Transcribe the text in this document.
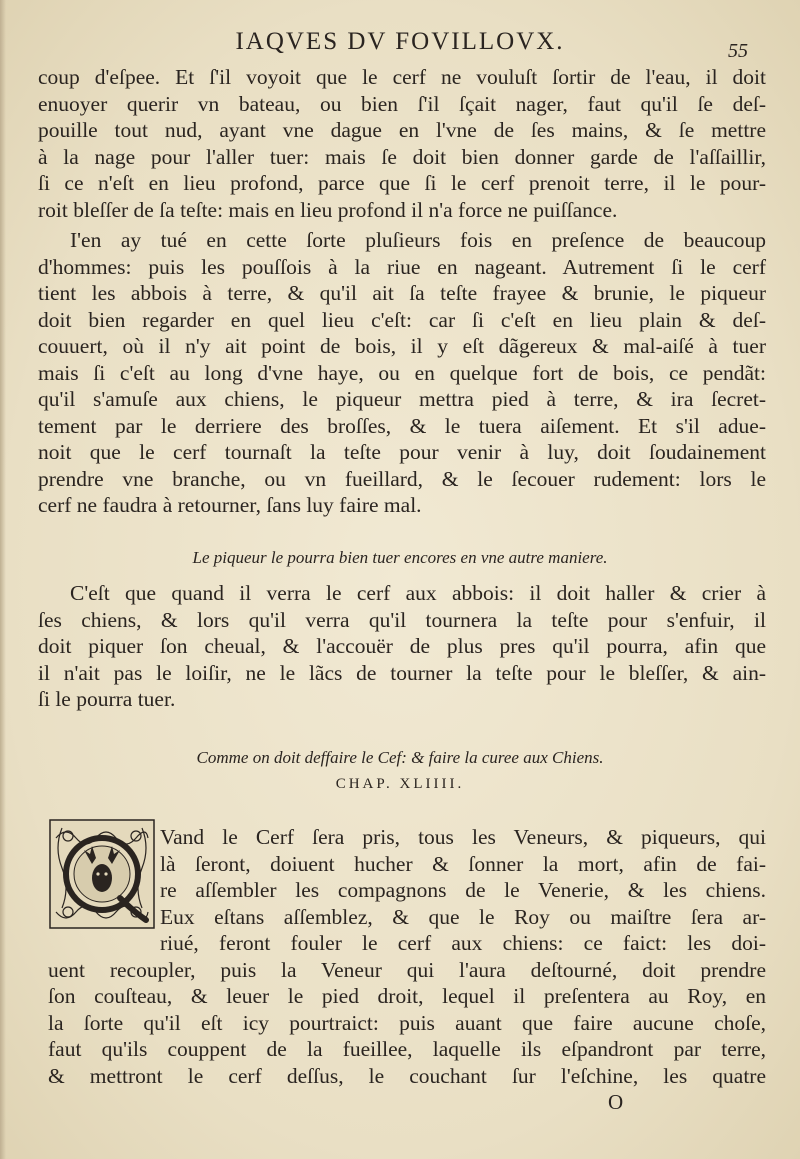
IAQVES DV FOVILLOVX.	55
coup d'eſpee. Et ſ'il voyoit que le cerf ne vouluſt ſortir de l'eau, il doit
enuoyer querir vn bateau, ou bien ſ'il ſçait nager, faut qu'il ſe deſ-
pouille tout nud, ayant vne dague en l'vne de ſes mains, & ſe mettre
à la nage pour l'aller tuer: mais ſe doit bien donner garde de l'aſſaillir,
ſi ce n'eſt en lieu profond, parce que ſi le cerf prenoit terre, il le pour-
roit bleſſer de ſa teſte: mais en lieu profond il n'a force ne puiſſance.
I'en ay tué en cette ſorte pluſieurs fois en preſence de beaucoup
d'hommes: puis les pouſſois à la riue en nageant. Autrement ſi le cerf
tient les abbois à terre, & qu'il ait ſa teſte frayee & brunie, le piqueur
doit bien regarder en quel lieu c'eſt: car ſi c'eſt en lieu plain & deſ-
couuert, où il n'y ait point de bois, il y eſt dãgereux & mal-aiſé à tuer
mais ſi c'eſt au long d'vne haye, ou en quelque fort de bois, ce pendãt:
qu'il s'amuſe aux chiens, le piqueur mettra pied à terre, & ira ſecret-
tement par le derriere des broſſes, & le tuera aiſement. Et s'il adue-
noit que le cerf tournaſt la teſte pour venir à luy, doit ſoudainement
prendre vne branche, ou vn fueillard, & le ſecouer rudement: lors le
cerf ne faudra à retourner, ſans luy faire mal.
Le piqueur le pourra bien tuer encores en vne autre maniere.
C'eſt que quand il verra le cerf aux abbois: il doit haller & crier à
ſes chiens, & lors qu'il verra qu'il tournera la teſte pour s'enfuir, il
doit piquer ſon cheual, & l'accouër de plus pres qu'il pourra, afin que
il n'ait pas le loiſir, ne le lãcs de tourner la teſte pour le bleſſer, & ain-
ſi le pourra tuer.
Comme on doit deffaire le Cef: & faire la curee aux Chiens.
CHAP. XLIIII.
Vand le Cerf ſera pris, tous les Veneurs, & piqueurs, qui
là ſeront, doiuent hucher & ſonner la mort, afin de fai-
re aſſembler les compagnons de le Venerie, & les chiens.
Eux eſtans aſſemblez, & que le Roy ou maiſtre ſera ar-
riué, feront fouler le cerf aux chiens: ce faict: les doi-
uent recoupler, puis la Veneur qui l'aura deſtourné, doit prendre
ſon couſteau, & leuer le pied droit, lequel il preſentera au Roy, en
la ſorte qu'il eſt icy pourtraict: puis auant que faire aucune choſe,
faut qu'ils couppent de la fueillee, laquelle ils eſpandront par terre,
& mettront le cerf deſſus, le couchant ſur l'eſchine, les quatre
O
